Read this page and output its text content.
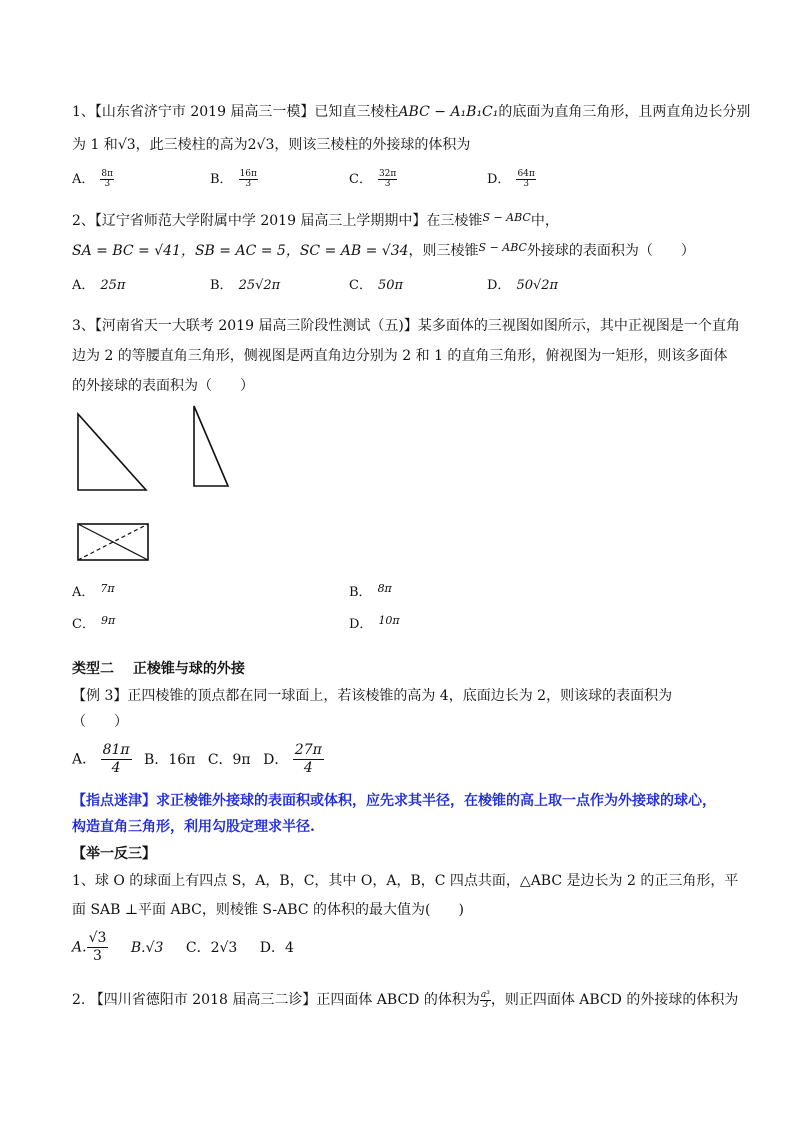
1、【山东省济宁市 2019 届高三一模】已知直三棱柱ABC − A₁B₁C₁的底面为直角三角形，且两直角边长分别
为 1 和√3，此三棱柱的高为2√3，则该三棱柱的外接球的体积为
A． $\frac{8\pi}{3}$	B． $\frac{16\pi}{3}$	C． $\frac{32\pi}{3}$	D． $\frac{64\pi}{3}$
2、【辽宁省师范大学附属中学 2019 届高三上学期期中】在三棱锥$^{S - ABC}$中，
SA = BC = √41，SB = AC = 5，SC = AB = √34，则三棱锥$^{S - ABC}$外接球的表面积为（　　）
A． 25π	B． 25√2π	C． 50π	D． 50√2π
3、【河南省天一大联考 2019 届高三阶段性测试（五)】某多面体的三视图如图所示，其中正视图是一个直角
边为 2 的等腰直角三角形，侧视图是两直角边分别为 2 和 1 的直角三角形，俯视图为一矩形，则该多面体
的外接球的表面积为（　　）
A． $^{7\pi}$	B． $^{8\pi}$
C． $^{9\pi}$	D． $^{10\pi}$
类型二　 正棱锥与球的外接
【例 3】正四棱锥的顶点都在同一球面上，若该棱锥的高为 4，底面边长为 2，则该球的表面积为
（　　）
A． $\frac{81\pi}{4}$ B．16π C．9π D． $\frac{27\pi}{4}$
【指点迷津】求正棱锥外接球的表面积或体积，应先求其半径，在棱锥的高上取一点作为外接球的球心，
构造直角三角形，利用勾股定理求半径.
【举一反三】
1、球 O 的球面上有四点 S，A，B，C，其中 O，A，B，C 四点共面，△ABC 是边长为 2 的正三角形，平
面 SAB ⊥平面 ABC，则棱锥 S-ABC 的体积的最大值为(　　)
A. $\frac{√3}{3} B.√3$ C．2√3 D．4
2. 【四川省德阳市 2018 届高三二诊】正四面体 ABCD 的体积为 $\frac{\text{a³}}{3}$ ，则正四面体 ABCD 的外接球的体积为
